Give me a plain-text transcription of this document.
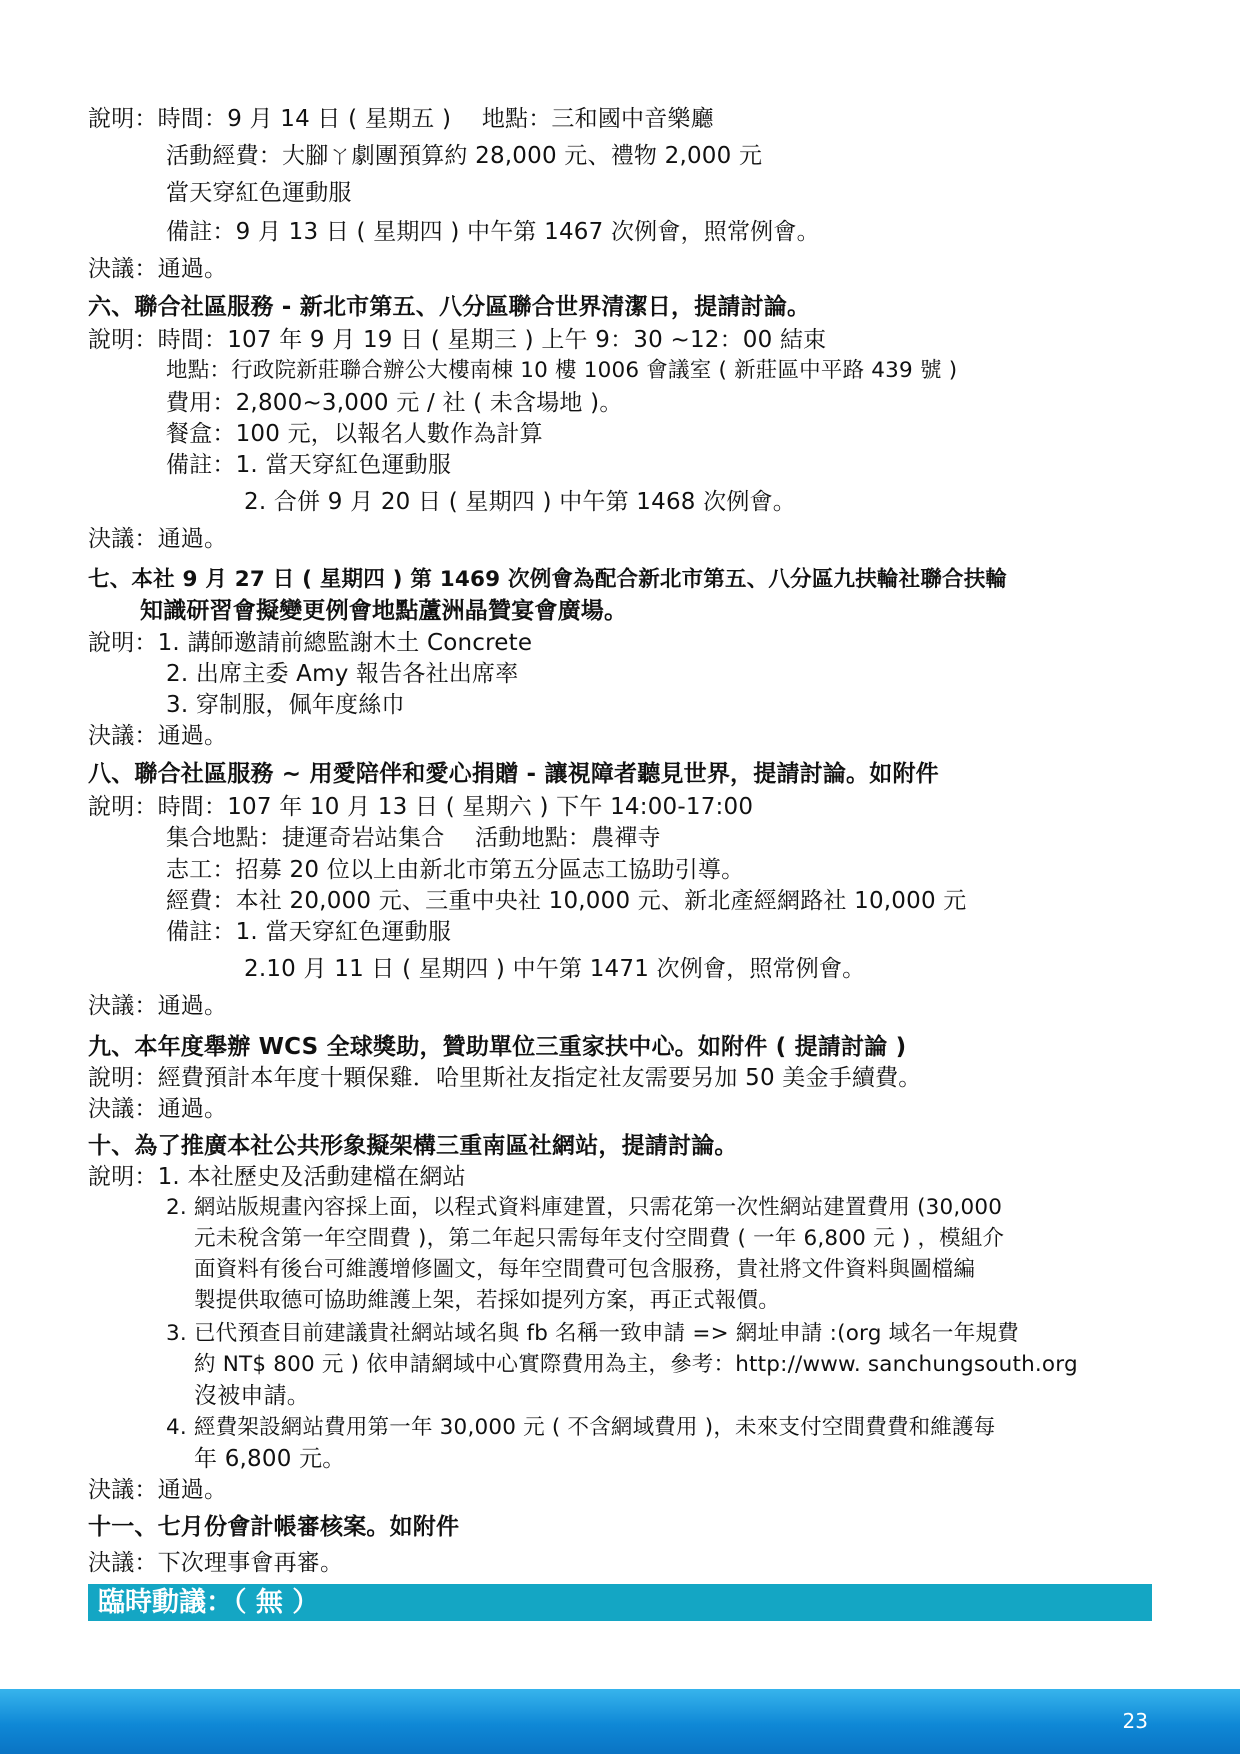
說明：時間：9 月 14 日 ( 星期五 )　 地點：三和國中音樂廳
活動經費：大腳ㄚ劇團預算約 28,000 元、禮物 2,000 元
當天穿紅色運動服
備註：9 月 13 日 ( 星期四 ) 中午第 1467 次例會，照常例會。
決議：通過。
六、聯合社區服務 - 新北市第五、八分區聯合世界清潔日，提請討論。
說明：時間：107 年 9 月 19 日 ( 星期三 ) 上午 9：30 ~12：00 結束
地點：行政院新莊聯合辦公大樓南棟 10 樓 1006 會議室 ( 新莊區中平路 439 號 )
費用：2,800~3,000 元 / 社 ( 未含場地 )。
餐盒：100 元，以報名人數作為計算
備註：1. 當天穿紅色運動服
2. 合併 9 月 20 日 ( 星期四 ) 中午第 1468 次例會。
決議：通過。
七、本社 9 月 27 日 ( 星期四 ) 第 1469 次例會為配合新北市第五、八分區九扶輪社聯合扶輪
知識研習會擬變更例會地點蘆洲晶贊宴會廣場。
說明：1. 講師邀請前總監謝木土 Concrete
2. 出席主委 Amy 報告各社出席率
3. 穿制服，佩年度絲巾
決議：通過。
八、聯合社區服務 ~ 用愛陪伴和愛心捐贈 - 讓視障者聽見世界，提請討論。如附件
說明：時間：107 年 10 月 13 日 ( 星期六 ) 下午 14:00-17:00
集合地點：捷運奇岩站集合　 活動地點：農禪寺
志工：招募 20 位以上由新北市第五分區志工協助引導。
經費：本社 20,000 元、三重中央社 10,000 元、新北產經網路社 10,000 元
備註：1. 當天穿紅色運動服
2.10 月 11 日 ( 星期四 ) 中午第 1471 次例會，照常例會。
決議：通過。
九、本年度舉辦 WCS 全球獎助，贊助單位三重家扶中心。如附件 ( 提請討論 )
說明：經費預計本年度十顆保雞．哈里斯社友指定社友需要另加 50 美金手續費。
決議：通過。
十、為了推廣本社公共形象擬架構三重南區社網站，提請討論。
說明：1. 本社歷史及活動建檔在網站
2. 網站版規畫內容採上面，以程式資料庫建置，只需花第一次性網站建置費用 (30,000
元未稅含第一年空間費 )，第二年起只需每年支付空間費 ( 一年 6,800 元 ) ，模組介
面資料有後台可維護增修圖文，每年空間費可包含服務，貴社將文件資料與圖檔編
製提供取德可協助維護上架，若採如提列方案，再正式報價。
3. 已代預查目前建議貴社網站域名與 fb 名稱一致申請 => 網址申請 :(org 域名一年規費
約 NT$ 800 元 ) 依申請網域中心實際費用為主，參考：http://www. sanchungsouth.org
沒被申請。
4. 經費架設網站費用第一年 30,000 元 ( 不含網域費用 )，未來支付空間費費和維護每
年 6,800 元。
決議：通過。
十一、七月份會計帳審核案。如附件
決議：下次理事會再審。
臨時動議：（ 無 ）
23
